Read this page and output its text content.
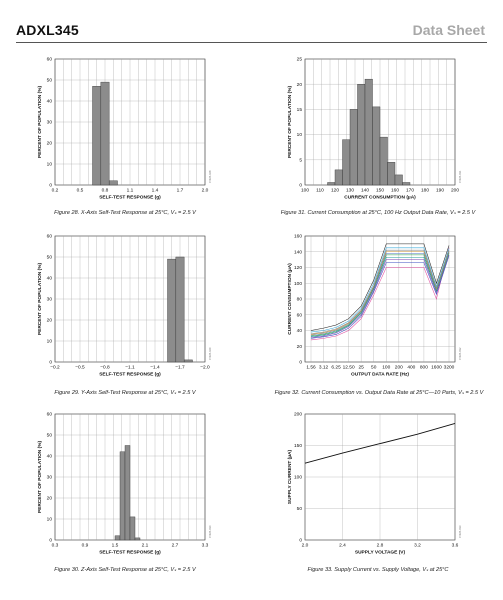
ADXL345	Data Sheet
0.2	0.5	0.8	1.1	1.4	1.7	2.0
0
10
20
30
40
50
60
SELF-TEST RESPONSE (g)
PERCENT OF POPULATION (%)
07925-028
Figure 28. X-Axis Self-Test Response at 25°C, Vₛ = 2.5 V
−0.2	−0.5	−0.8	−1.1	−1.4	−1.7	−2.0
0
10
20
30
40
50
60
SELF-TEST RESPONSE (g)
PERCENT OF POPULATION (%)
07925-029
Figure 29. Y-Axis Self-Test Response at 25°C, Vₛ = 2.5 V
0.3	0.9	1.5	2.1	2.7	3.3
0
10
20
30
40
50
60
SELF-TEST RESPONSE (g)
PERCENT OF POPULATION (%)
07925-030
Figure 30. Z-Axis Self-Test Response at 25°C, Vₛ = 2.5 V
100 110 120 130 140 150 160 170 180 190 200
0
5
10
15
20
25
CURRENT CONSUMPTION (µA)
PERCENT OF POPULATION (%)
07925-031
Figure 31. Current Consumption at 25°C, 100 Hz Output Data Rate, Vₛ = 2.5 V
1.56 3.12 6.25 12.50 25 50 100 200 400 800 1600 3200
0
20
40
60
80
100
120
140
160
OUTPUT DATA RATE (Hz)
CURRENT CONSUMPTION (µA)
07925-032
Figure 32. Current Consumption vs. Output Data Rate at 25°C—10 Parts, Vₛ = 2.5 V
2.0	2.4	2.8	3.2	3.6
0
50
100
150
200
SUPPLY VOLTAGE (V)
SUPPLY CURRENT (µA)
07925-033
Figure 33. Supply Current vs. Supply Voltage, Vₛ at 25°C
